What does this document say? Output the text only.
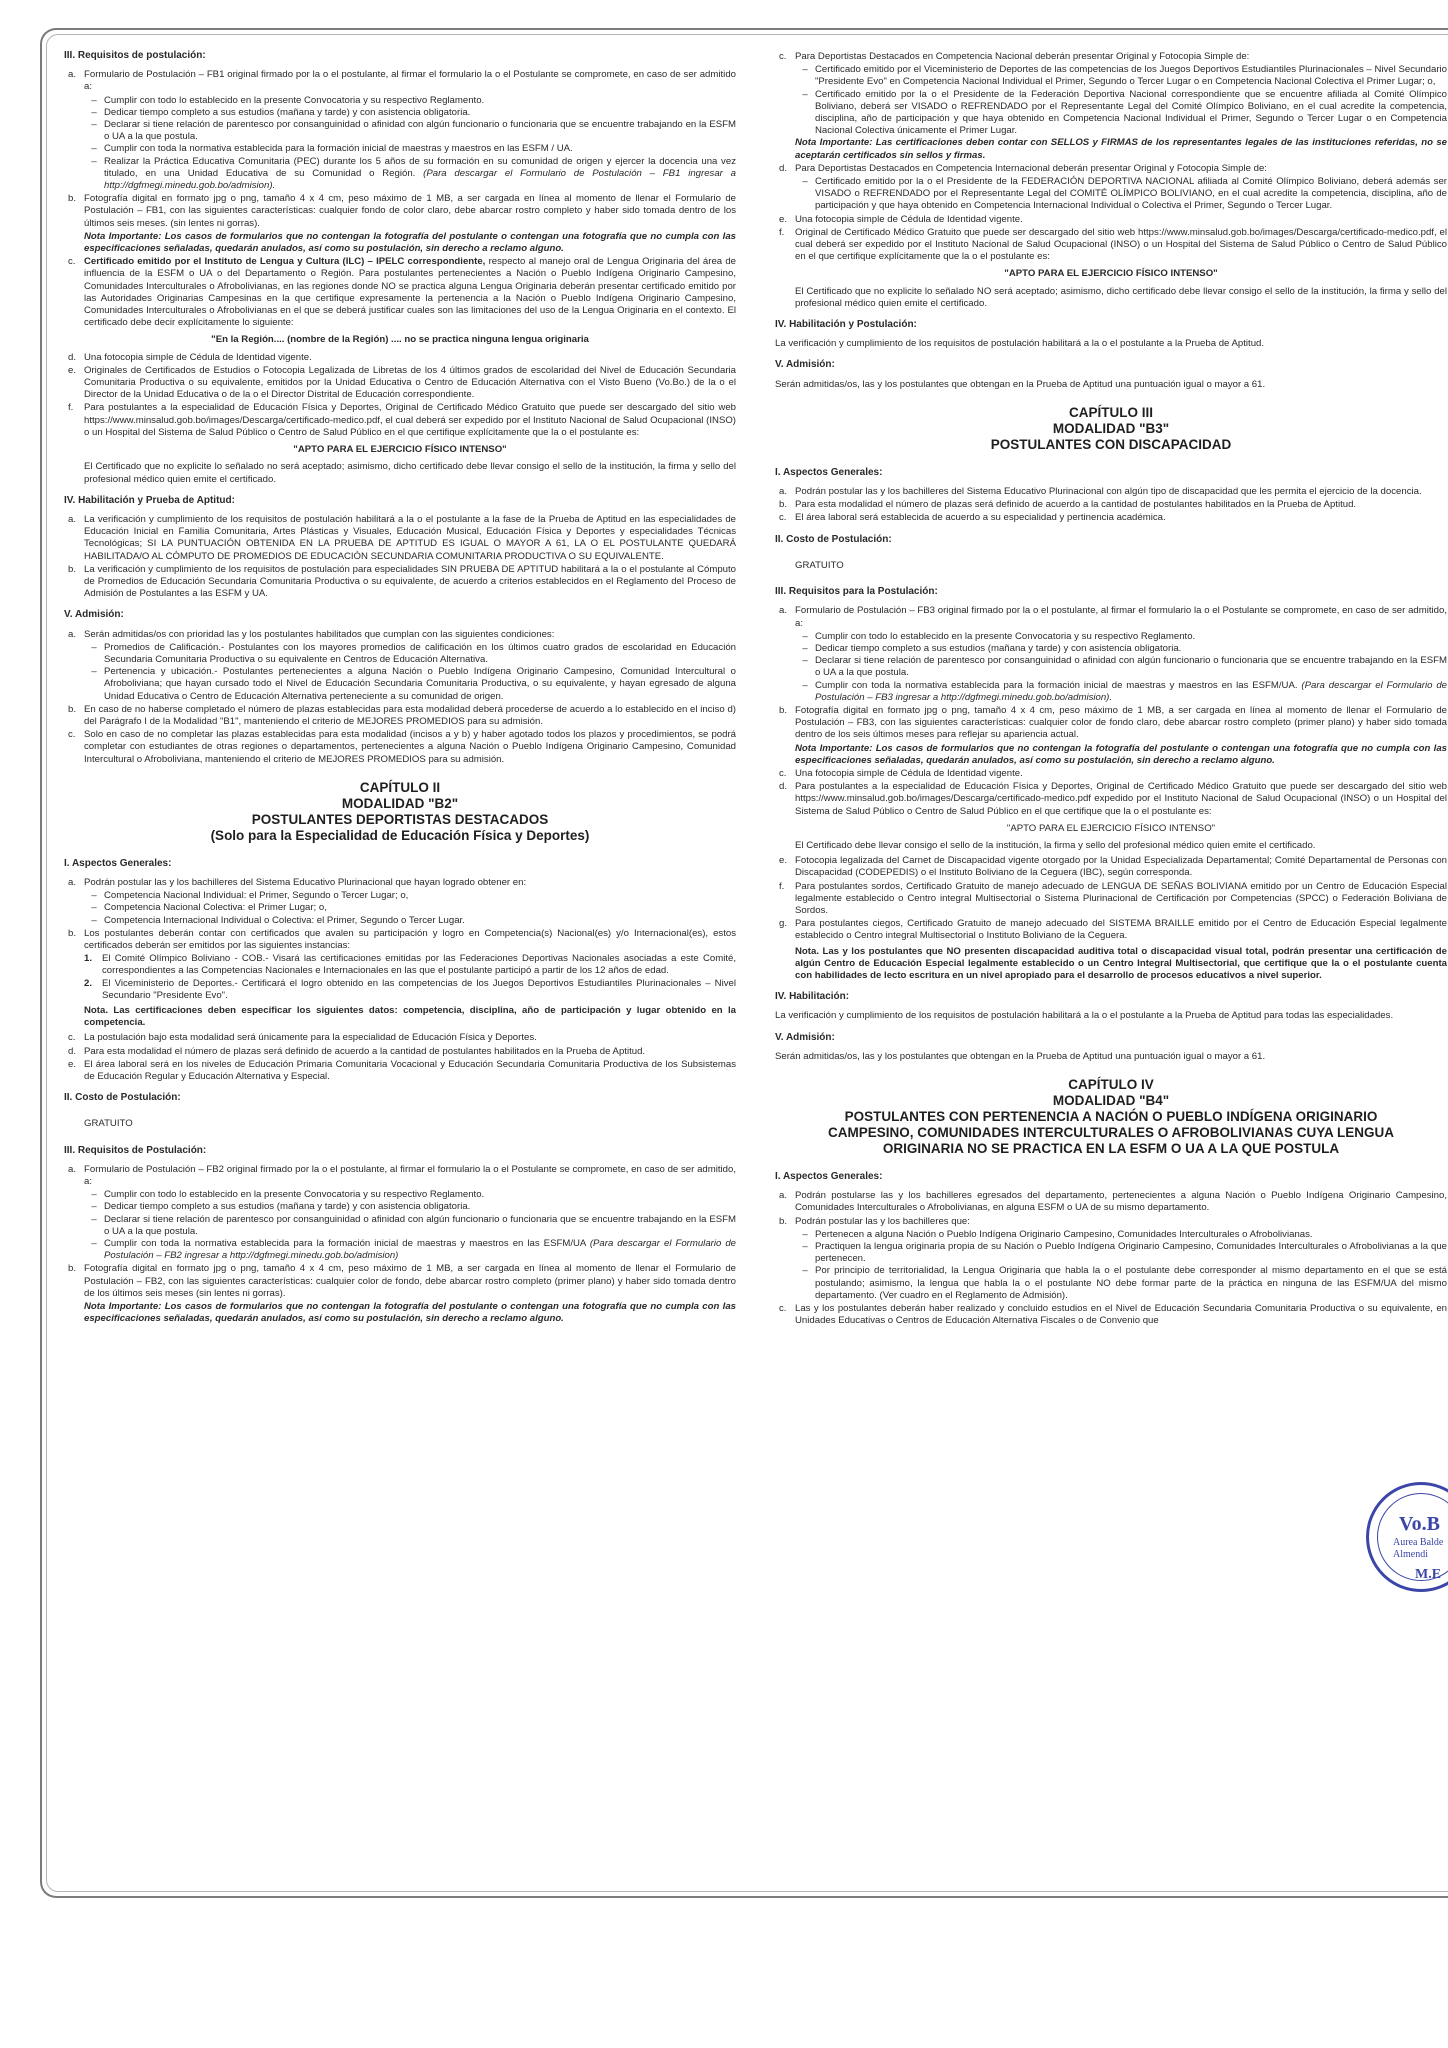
III. Requisitos de postulación:
a. Formulario de Postulación – FB1 original firmado por la o el postulante, al firmar el formulario la o el Postulante se compromete, en caso de ser admitido a:
– Cumplir con todo lo establecido en la presente Convocatoria y su respectivo Reglamento.
– Dedicar tiempo completo a sus estudios (mañana y tarde) y con asistencia obligatoria.
– Declarar si tiene relación de parentesco por consanguinidad o afinidad con algún funcionario o funcionaria que se encuentre trabajando en la ESFM o UA a la que postula.
– Cumplir con toda la normativa establecida para la formación inicial de maestras y maestros en las ESFM / UA.
– Realizar la Práctica Educativa Comunitaria (PEC) durante los 5 años de su formación en su comunidad de origen y ejercer la docencia una vez titulado, en una Unidad Educativa de su Comunidad o Región. (Para descargar el Formulario de Postulación – FB1 ingresar a http://dgfmegi.minedu.gob.bo/admision).
b. Fotografía digital en formato jpg o png, tamaño 4 x 4 cm, peso máximo de 1 MB, a ser cargada en línea al momento de llenar el Formulario de Postulación – FB1, con las siguientes características: cualquier fondo de color claro, debe abarcar rostro completo y haber sido tomada dentro de los últimos seis meses. (sin lentes ni gorras).
Nota Importante: Los casos de formularios que no contengan la fotografía del postulante o contengan una fotografía que no cumpla con las especificaciones señaladas, quedarán anulados, así como su postulación, sin derecho a reclamo alguno.
c. Certificado emitido por el Instituto de Lengua y Cultura (ILC) – IPELC correspondiente, respecto al manejo oral de Lengua Originaria del área de influencia de la ESFM o UA o del Departamento o Región. Para postulantes pertenecientes a Nación o Pueblo Indígena Originario Campesino, Comunidades Interculturales o Afrobolivianas, en las regiones donde NO se practica alguna Lengua Originaria deberán presentar certificado emitido por las Autoridades Originarias Campesinas en la que certifique expresamente la pertenencia a la Nación o Pueblo Indígena Originario Campesino, Comunidades Interculturales o Afrobolivianas en el que se deberá justificar cuales son las limitaciones del uso de la Lengua Originaria en el contexto. El certificado debe decir explícitamente lo siguiente:
"En la Región.... (nombre de la Región) .... no se practica ninguna lengua originaria
d. Una fotocopia simple de Cédula de Identidad vigente.
e. Originales de Certificados de Estudios o Fotocopia Legalizada de Libretas de los 4 últimos grados de escolaridad del Nivel de Educación Secundaria Comunitaria Productiva o su equivalente, emitidos por la Unidad Educativa o Centro de Educación Alternativa con el Visto Bueno (Vo.Bo.) de la o el Director de la Unidad Educativa o de la o el Director Distrital de Educación correspondiente.
f.	Para postulantes a la especialidad de Educación Física y Deportes, Original de Certificado Médico Gratuito que puede ser descargado del sitio web https://www.minsalud.gob.bo/images/Descarga/certificado-medico.pdf, el cual deberá ser expedido por el Instituto Nacional de Salud Ocupacional (INSO) o un Hospital del Sistema de Salud Público o Centro de Salud Público en el que certifique explícitamente que la o el postulante es:
"APTO PARA EL EJERCICIO FÍSICO INTENSO"
El Certificado que no explicite lo señalado no será aceptado; asimismo, dicho certificado debe llevar consigo el sello de la institución, la firma y sello del profesional médico quien emite el certificado.
IV. Habilitación y Prueba de Aptitud:
a. La verificación y cumplimiento de los requisitos de postulación habilitará a la o el postulante a la fase de la Prueba de Aptitud en las especialidades de Educación Inicial en Familia Comunitaria, Artes Plásticas y Visuales, Educación Musical, Educación Física y Deportes y especialidades Técnicas Tecnológicas; SI LA PUNTUACIÓN OBTENIDA EN LA PRUEBA DE APTITUD ES IGUAL O MAYOR A 61, LA O EL POSTULANTE QUEDARÁ HABILITADA/O AL CÓMPUTO DE PROMEDIOS DE EDUCACIÓN SECUNDARIA COMUNITARIA PRODUCTIVA O SU EQUIVALENTE.
b. La verificación y cumplimiento de los requisitos de postulación para especialidades SIN PRUEBA DE APTITUD habilitará a la o el postulante al Cómputo de Promedios de Educación Secundaria Comunitaria Productiva o su equivalente, de acuerdo a criterios establecidos en el Reglamento del Proceso de Admisión de Postulantes a las ESFM y UA.
V. Admisión:
a. Serán admitidas/os con prioridad las y los postulantes habilitados que cumplan con las siguientes condiciones:
– Promedios de Calificación.- Postulantes con los mayores promedios de calificación en los últimos cuatro grados de escolaridad en Educación Secundaria Comunitaria Productiva o su equivalente en Centros de Educación Alternativa.
– Pertenencia y ubicación.- Postulantes pertenecientes a alguna Nación o Pueblo Indígena Originario Campesino, Comunidad Intercultural o Afroboliviana; que hayan cursado todo el Nivel de Educación Secundaria Comunitaria Productiva, o su equivalente, y hayan egresado de alguna Unidad Educativa o Centro de Educación Alternativa perteneciente a su comunidad de origen.
b. En caso de no haberse completado el número de plazas establecidas para esta modalidad deberá procederse de acuerdo a lo establecido en el inciso d) del Parágrafo I de la Modalidad "B1", manteniendo el criterio de MEJORES PROMEDIOS para su admisión.
c. Solo en caso de no completar las plazas establecidas para esta modalidad (incisos a y b) y haber agotado todos los plazos y procedimientos, se podrá completar con estudiantes de otras regiones o departamentos, pertenecientes a alguna Nación o Pueblo Indígena Originario Campesino, Comunidad Intercultural o Afroboliviana, manteniendo el criterio de MEJORES PROMEDIOS para su admisión.
CAPÍTULO II
MODALIDAD "B2"
POSTULANTES DEPORTISTAS DESTACADOS
(Solo para la Especialidad de Educación Física y Deportes)
I. Aspectos Generales:
a. Podrán postular las y los bachilleres del Sistema Educativo Plurinacional que hayan logrado obtener en:
– Competencia Nacional Individual: el Primer, Segundo o Tercer Lugar; o,
– Competencia Nacional Colectiva: el Primer Lugar; o,
– Competencia Internacional Individual o Colectiva: el Primer, Segundo o Tercer Lugar.
b. Los postulantes deberán contar con certificados que avalen su participación y logro en Competencia(s) Nacional(es) y/o Internacional(es), estos certificados deberán ser emitidos por las siguientes instancias:
1.	El Comité Olímpico Boliviano - COB.- Visará las certificaciones emitidas por las Federaciones Deportivas Nacionales asociadas a este Comité, correspondientes a las Competencias Nacionales e Internacionales en las que el postulante participó a partir de los 12 años de edad.
2.	El Viceministerio de Deportes.- Certificará el logro obtenido en las competencias de los Juegos Deportivos Estudiantiles Plurinacionales – Nivel Secundario "Presidente Evo".
Nota. Las certificaciones deben especificar los siguientes datos: competencia, disciplina, año de participación y lugar obtenido en la competencia.
c. La postulación bajo esta modalidad será únicamente para la especialidad de Educación Física y Deportes.
d. Para esta modalidad el número de plazas será definido de acuerdo a la cantidad de postulantes habilitados en la Prueba de Aptitud.
e. El área laboral será en los niveles de Educación Primaria Comunitaria Vocacional y Educación Secundaria Comunitaria Productiva de los Subsistemas de Educación Regular y Educación Alternativa y Especial.
II. Costo de Postulación:
GRATUITO
III. Requisitos de Postulación:
a. Formulario de Postulación – FB2 original firmado por la o el postulante, al firmar el formulario la o el Postulante se compromete, en caso de ser admitido, a:
– Cumplir con todo lo establecido en la presente Convocatoria y su respectivo Reglamento.
– Dedicar tiempo completo a sus estudios (mañana y tarde) y con asistencia obligatoria.
– Declarar si tiene relación de parentesco por consanguinidad o afinidad con algún funcionario o funcionaria que se encuentre trabajando en la ESFM o UA a la que postula.
– Cumplir con toda la normativa establecida para la formación inicial de maestras y maestros en las ESFM/UA (Para descargar el Formulario de Postulación – FB2 ingresar a http://dgfmegi.minedu.gob.bo/admision)
b. Fotografía digital en formato jpg o png, tamaño 4 x 4 cm, peso máximo de 1 MB, a ser cargada en línea al momento de llenar el Formulario de Postulación – FB2, con las siguientes características: cualquier color de fondo, debe abarcar rostro completo (primer plano) y haber sido tomada dentro de los últimos seis meses (sin lentes ni gorras).
Nota Importante: Los casos de formularios que no contengan la fotografía del postulante o contengan una fotografía que no cumpla con las especificaciones señaladas, quedarán anulados, así como su postulación, sin derecho a reclamo alguno.
c. Para Deportistas Destacados en Competencia Nacional deberán presentar Original y Fotocopia Simple de:
– Certificado emitido por el Viceministerio de Deportes de las competencias de los Juegos Deportivos Estudiantiles Plurinacionales – Nivel Secundario "Presidente Evo" en Competencia Nacional Individual el Primer, Segundo o Tercer Lugar o en Competencia Nacional Colectiva el Primer Lugar; o,
– Certificado emitido por la o el Presidente de la Federación Deportiva Nacional correspondiente que se encuentre afiliada al Comité Olímpico Boliviano, deberá ser VISADO o REFRENDADO por el Representante Legal del Comité Olímpico Boliviano, en el cual acredite la competencia, disciplina, año de participación y que haya obtenido en Competencia Nacional Individual el Primer, Segundo o Tercer Lugar o en Competencia Nacional Colectiva únicamente el Primer Lugar.
Nota Importante: Las certificaciones deben contar con SELLOS y FIRMAS de los representantes legales de las instituciones referidas, no se aceptarán certificados sin sellos y firmas.
d. Para Deportistas Destacados en Competencia Internacional deberán presentar Original y Fotocopia Simple de:
– Certificado emitido por la o el Presidente de la FEDERACIÓN DEPORTIVA NACIONAL afiliada al Comité Olímpico Boliviano, deberá además ser VISADO o REFRENDADO por el Representante Legal del COMITÉ OLÍMPICO BOLIVIANO, en el cual acredite la competencia, disciplina, año de participación y que haya obtenido en Competencia Internacional Individual o Colectiva el Primer, Segundo o Tercer Lugar.
e. Una fotocopia simple de Cédula de Identidad vigente.
f.	Original de Certificado Médico Gratuito que puede ser descargado del sitio web https://www.minsalud.gob.bo/images/Descarga/certificado-medico.pdf, el cual deberá ser expedido por el Instituto Nacional de Salud Ocupacional (INSO) o un Hospital del Sistema de Salud Público o Centro de Salud Público en el que certifique explícitamente que la o el postulante es:
"APTO PARA EL EJERCICIO FÍSICO INTENSO"
El Certificado que no explicite lo señalado NO será aceptado; asimismo, dicho certificado debe llevar consigo el sello de la institución, la firma y sello del profesional médico quien emite el certificado.
IV. Habilitación y Postulación:
La verificación y cumplimiento de los requisitos de postulación habilitará a la o el postulante a la Prueba de Aptitud.
V. Admisión:
Serán admitidas/os, las y los postulantes que obtengan en la Prueba de Aptitud una puntuación igual o mayor a 61.
CAPÍTULO III
MODALIDAD "B3"
POSTULANTES CON DISCAPACIDAD
I. Aspectos Generales:
a. Podrán postular las y los bachilleres del Sistema Educativo Plurinacional con algún tipo de discapacidad que les permita el ejercicio de la docencia.
b. Para esta modalidad el número de plazas será definido de acuerdo a la cantidad de postulantes habilitados en la Prueba de Aptitud.
c. El área laboral será establecida de acuerdo a su especialidad y pertinencia académica.
II. Costo de Postulación:
GRATUITO
III. Requisitos para la Postulación:
a. Formulario de Postulación – FB3 original firmado por la o el postulante, al firmar el formulario la o el Postulante se compromete, en caso de ser admitido, a:
– Cumplir con todo lo establecido en la presente Convocatoria y su respectivo Reglamento.
– Dedicar tiempo completo a sus estudios (mañana y tarde) y con asistencia obligatoria.
– Declarar si tiene relación de parentesco por consanguinidad o afinidad con algún funcionario o funcionaria que se encuentre trabajando en la ESFM o UA a la que postula.
– Cumplir con toda la normativa establecida para la formación inicial de maestras y maestros en las ESFM/UA. (Para descargar el Formulario de Postulación – FB3 ingresar a http://dgfmegi.minedu.gob.bo/admision).
b. Fotografía digital en formato jpg o png, tamaño 4 x 4 cm, peso máximo de 1 MB, a ser cargada en línea al momento de llenar el Formulario de Postulación – FB3, con las siguientes características: cualquier color de fondo claro, debe abarcar rostro completo (primer plano) y haber sido tomada dentro de los seis últimos meses para reflejar su apariencia actual.
Nota Importante: Los casos de formularios que no contengan la fotografía del postulante o contengan una fotografía que no cumpla con las especificaciones señaladas, quedarán anulados, así como su postulación, sin derecho a reclamo alguno.
c. Una fotocopia simple de Cédula de Identidad vigente.
d. Para postulantes a la especialidad de Educación Física y Deportes, Original de Certificado Médico Gratuito que puede ser descargado del sitio web https://www.minsalud.gob.bo/images/Descarga/certificado-medico.pdf expedido por el Instituto Nacional de Salud Ocupacional (INSO) o un Hospital del Sistema de Salud Público o Centro de Salud Público en el que certifique que la o el postulante es:
"APTO PARA EL EJERCICIO FÍSICO INTENSO"
El Certificado debe llevar consigo el sello de la institución, la firma y sello del profesional médico quien emite el certificado.
e. Fotocopia legalizada del Carnet de Discapacidad vigente otorgado por la Unidad Especializada Departamental; Comité Departamental de Personas con Discapacidad (CODEPEDIS) o el Instituto Boliviano de la Ceguera (IBC), según corresponda.
f.	Para postulantes sordos, Certificado Gratuito de manejo adecuado de LENGUA DE SEÑAS BOLIVIANA emitido por un Centro de Educación Especial legalmente establecido o Centro integral Multisectorial o Sistema Plurinacional de Certificación por Competencias (SPCC) o Federación Boliviana de Sordos.
g. Para postulantes ciegos, Certificado Gratuito de manejo adecuado del SISTEMA BRAILLE emitido por el Centro de Educación Especial legalmente establecido o Centro integral Multisectorial o Instituto Boliviano de la Ceguera.
Nota. Las y los postulantes que NO presenten discapacidad auditiva total o discapacidad visual total, podrán presentar una certificación de algún Centro de Educación Especial legalmente establecido o un Centro Integral Multisectorial, que certifique que la o el postulante cuenta con habilidades de lecto escritura en un nivel apropiado para el desarrollo de procesos educativos a nivel superior.
IV. Habilitación:
La verificación y cumplimiento de los requisitos de postulación habilitará a la o el postulante a la Prueba de Aptitud para todas las especialidades.
V. Admisión:
Serán admitidas/os, las y los postulantes que obtengan en la Prueba de Aptitud una puntuación igual o mayor a 61.
CAPÍTULO IV
MODALIDAD "B4"
POSTULANTES CON PERTENENCIA A NACIÓN O PUEBLO INDÍGENA ORIGINARIO
CAMPESINO, COMUNIDADES INTERCULTURALES O AFROBOLIVIANAS CUYA LENGUA
ORIGINARIA NO SE PRACTICA EN LA ESFM O UA A LA QUE POSTULA
I. Aspectos Generales:
a. Podrán postularse las y los bachilleres egresados del departamento, pertenecientes a alguna Nación o Pueblo Indígena Originario Campesino, Comunidades Interculturales o Afrobolivianas, en alguna ESFM o UA de su mismo departamento.
b. Podrán postular las y los bachilleres que:
– Pertenecen a alguna Nación o Pueblo Indígena Originario Campesino, Comunidades Interculturales o Afrobolivianas.
– Practiquen la lengua originaria propia de su Nación o Pueblo Indígena Originario Campesino, Comunidades Interculturales o Afrobolivianas a la que pertenecen.
– Por principio de territorialidad, la Lengua Originaria que habla la o el postulante debe corresponder al mismo departamento en el que se está postulando; asimismo, la lengua que habla la o el postulante NO debe formar parte de la práctica en ninguna de las ESFM/UA del mismo departamento. (Ver cuadro en el Reglamento de Admisión).
c. Las y los postulantes deberán haber realizado y concluido estudios en el Nivel de Educación Secundaria Comunitaria Productiva o su equivalente, en Unidades Educativas o Centros de Educación Alternativa Fiscales o de Convenio que
Vo.B
Aurea Balde Almendi
M.E
